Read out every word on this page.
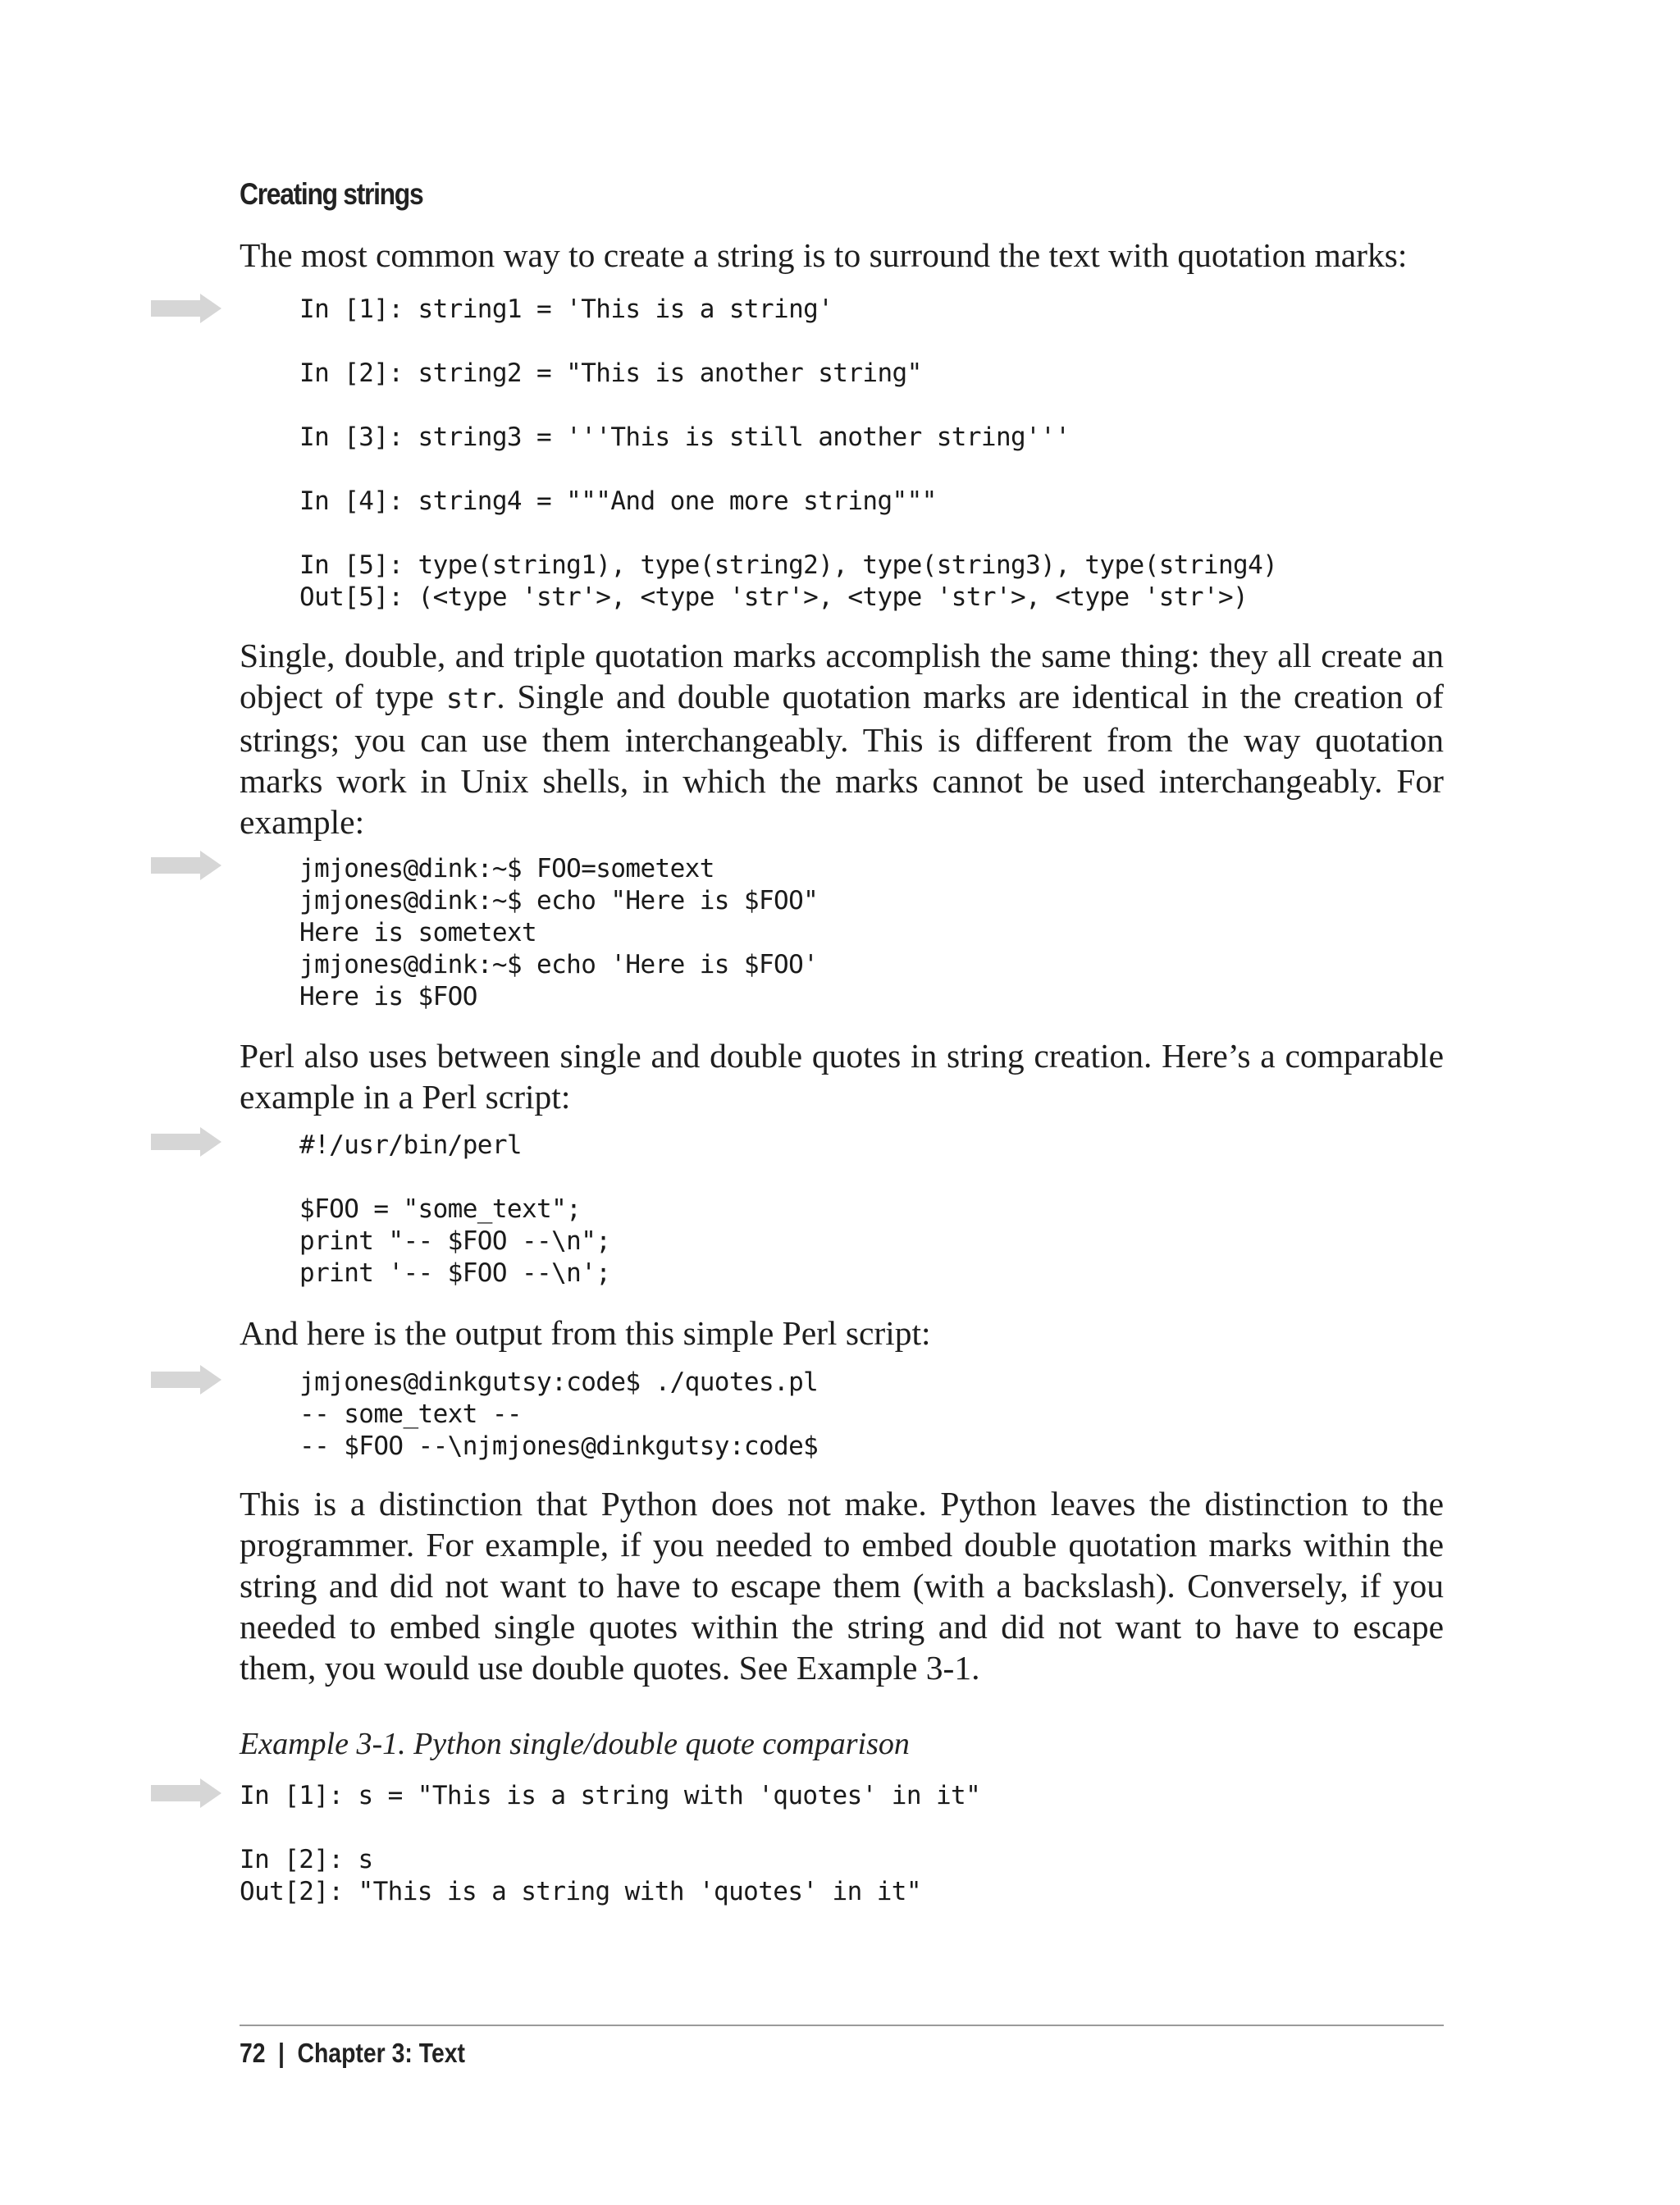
Creating strings
The most common way to create a string is to surround the text with quotation marks:
In [1]: string1 = 'This is a string'

In [2]: string2 = "This is another string"

In [3]: string3 = '''This is still another string'''

In [4]: string4 = """And one more string"""

In [5]: type(string1), type(string2), type(string3), type(string4)
Out[5]: (<type 'str'>, <type 'str'>, <type 'str'>, <type 'str'>)
Single, double, and triple quotation marks accomplish the same thing: they all create an object of type str. Single and double quotation marks are identical in the creation of strings; you can use them interchangeably. This is different from the way quotation marks work in Unix shells, in which the marks cannot be used interchangeably. For example:
jmjones@dink:~$ FOO=sometext
jmjones@dink:~$ echo "Here is $FOO"
Here is sometext
jmjones@dink:~$ echo 'Here is $FOO'
Here is $FOO
Perl also uses between single and double quotes in string creation. Here’s a comparable example in a Perl script:
#!/usr/bin/perl

$FOO = "some_text";
print "-- $FOO --\n";
print '-- $FOO --\n';
And here is the output from this simple Perl script:
jmjones@dinkgutsy:code$ ./quotes.pl
-- some_text --
-- $FOO --\njmjones@dinkgutsy:code$
This is a distinction that Python does not make. Python leaves the distinction to the programmer. For example, if you needed to embed double quotation marks within the string and did not want to have to escape them (with a backslash). Conversely, if you needed to embed single quotes within the string and did not want to have to escape them, you would use double quotes. See Example 3-1.
Example 3-1. Python single/double quote comparison
In [1]: s = "This is a string with 'quotes' in it"

In [2]: s
Out[2]: "This is a string with 'quotes' in it"
72 | Chapter 3: Text
